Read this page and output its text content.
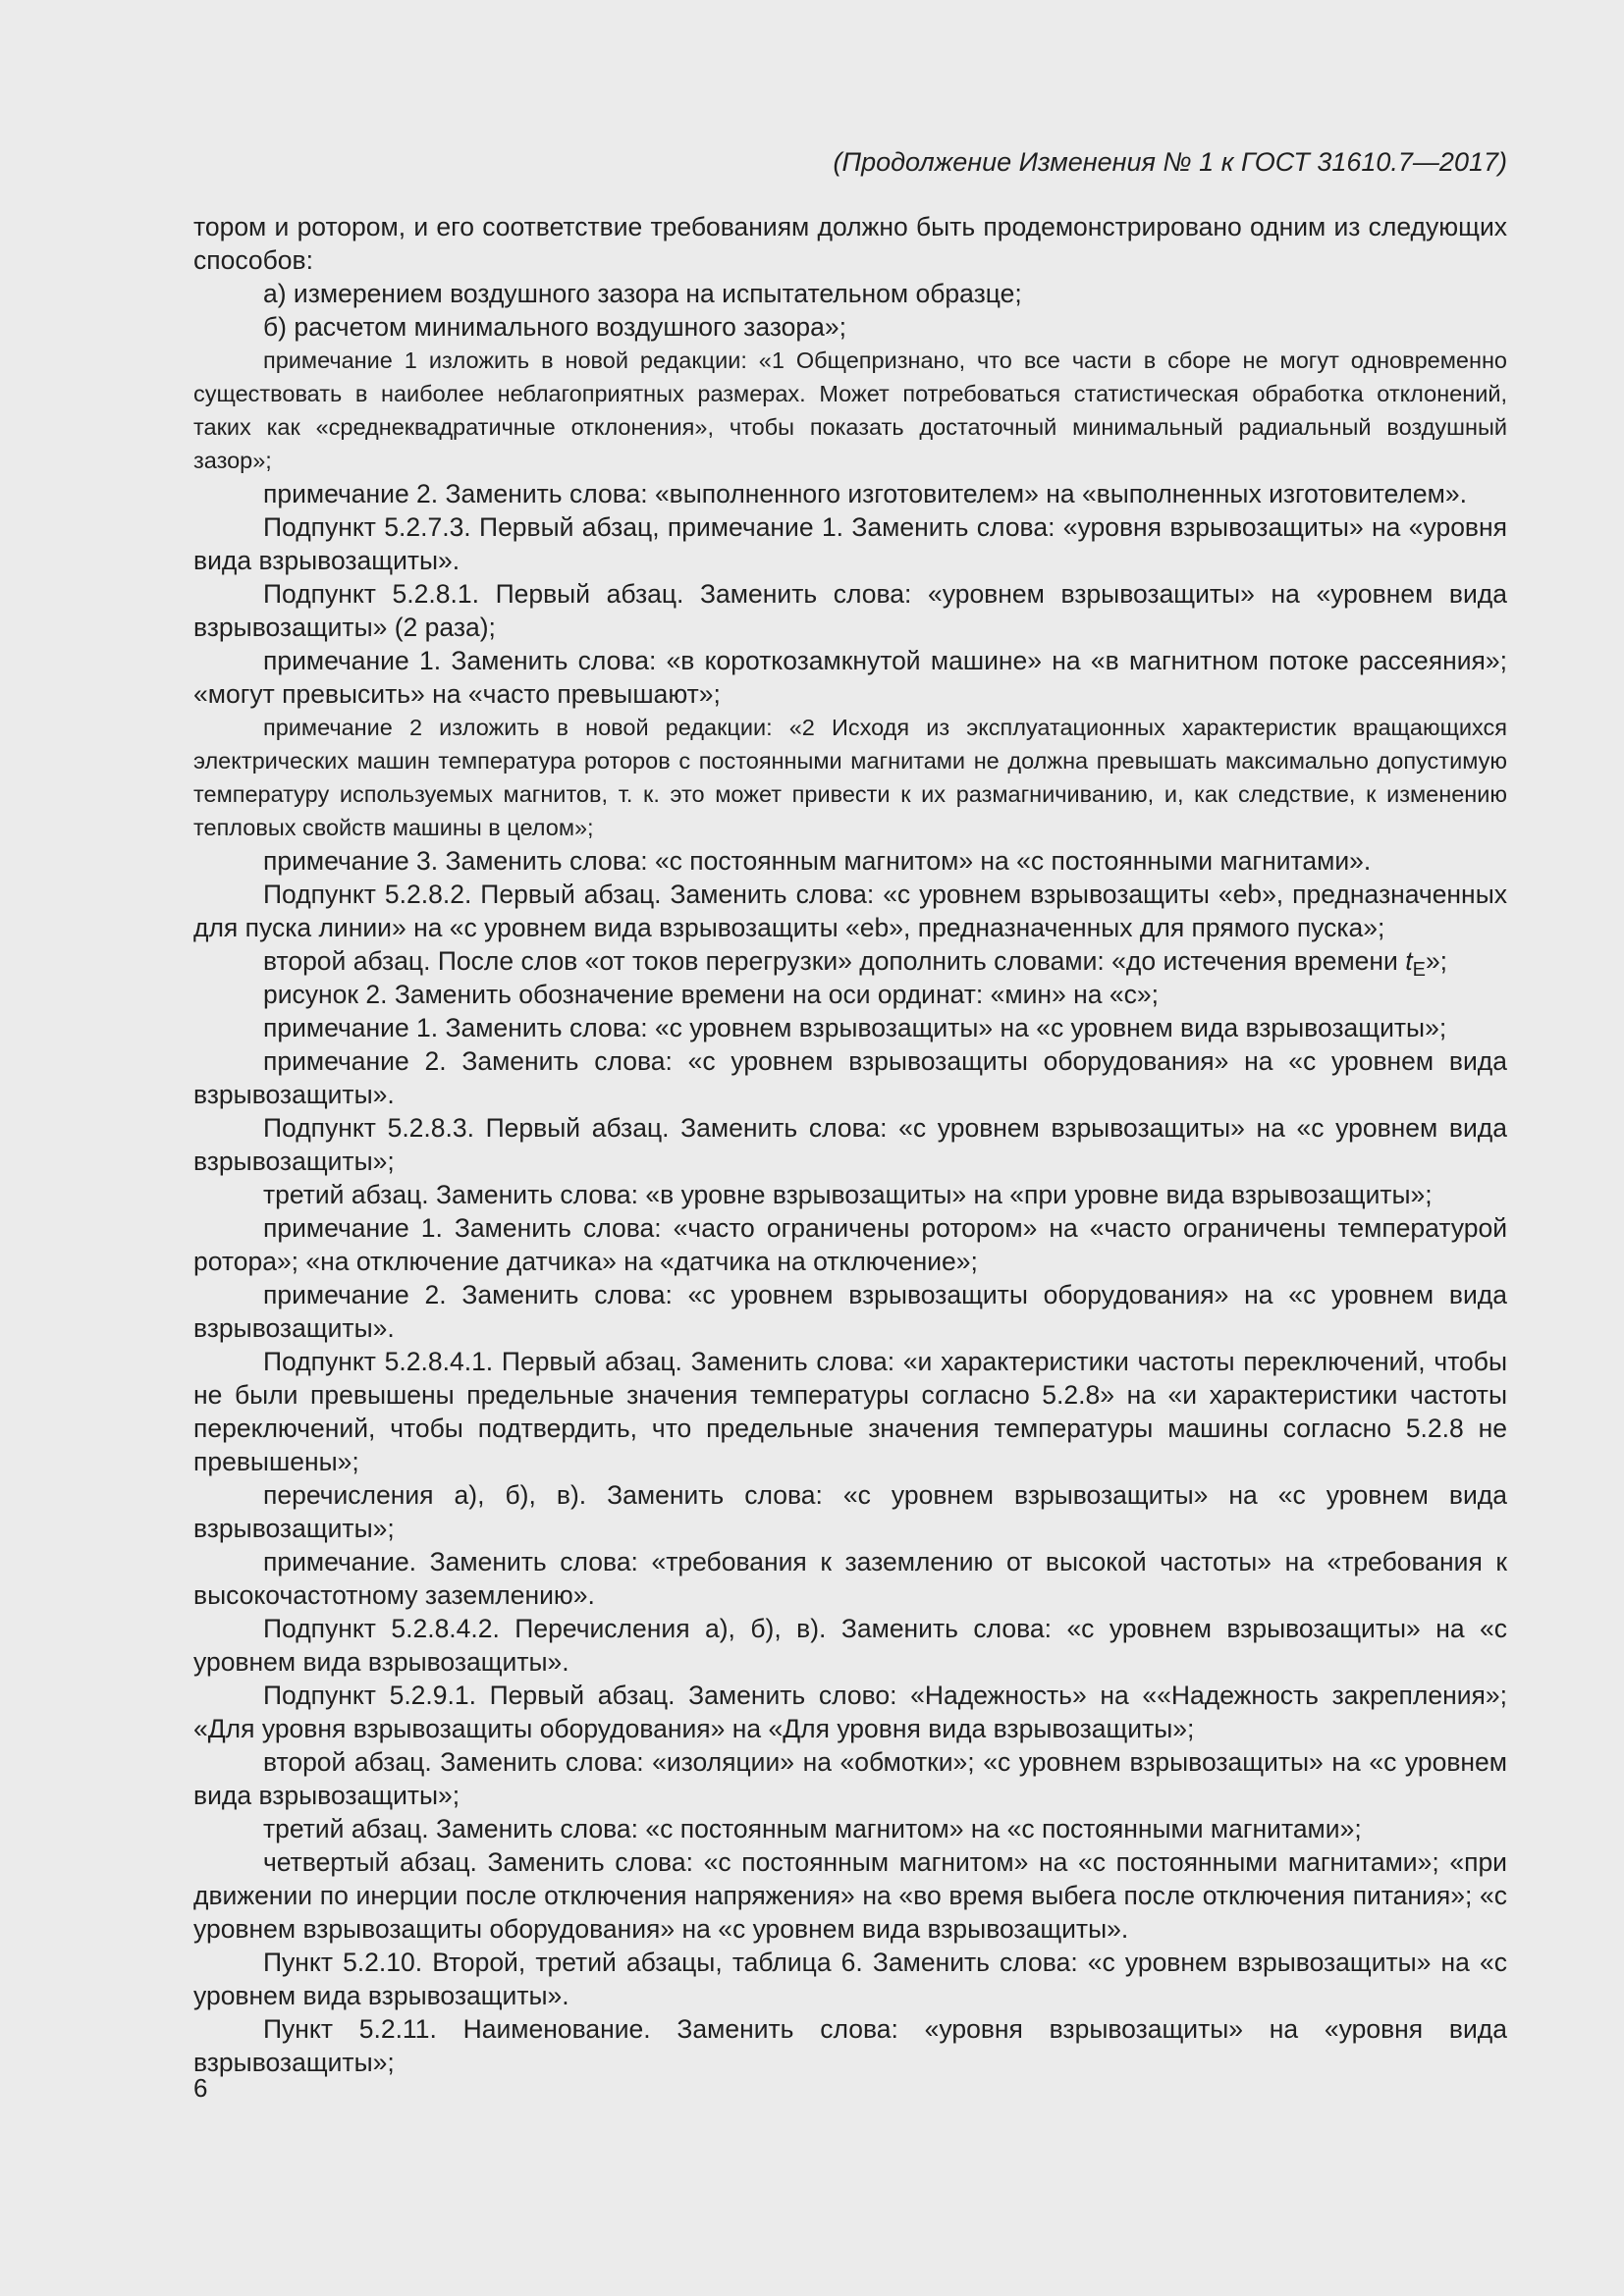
(Продолжение Изменения № 1 к ГОСТ 31610.7—2017)

тором и ротором, и его соответствие требованиям должно быть продемонстрировано одним из следующих способов:

а) измерением воздушного зазора на испытательном образце;

б) расчетом минимального воздушного зазора»;

примечание 1 изложить в новой редакции: «1 Общепризнано, что все части в сборе не могут одновременно существовать в наиболее неблагоприятных размерах. Может потребоваться статистическая обработка отклонений, таких как «среднеквадратичные отклонения», чтобы показать достаточный минимальный радиальный воздушный зазор»;

примечание 2. Заменить слова: «выполненного изготовителем» на «выполненных изготовителем».

Подпункт 5.2.7.3. Первый абзац, примечание 1. Заменить слова: «уровня взрывозащиты» на «уровня вида взрывозащиты».

Подпункт 5.2.8.1. Первый абзац. Заменить слова: «уровнем взрывозащиты» на «уровнем вида взрывозащиты» (2 раза);

примечание 1. Заменить слова: «в короткозамкнутой машине» на «в магнитном потоке рассеяния»; «могут превысить» на «часто превышают»;

примечание 2 изложить в новой редакции: «2 Исходя из эксплуатационных характеристик вращающихся электрических машин температура роторов с постоянными магнитами не должна превышать максимально допустимую температуру используемых магнитов, т. к. это может привести к их размагничиванию, и, как следствие, к изменению тепловых свойств машины в целом»;

примечание 3. Заменить слова: «с постоянным магнитом» на «с постоянными магнитами».

Подпункт 5.2.8.2. Первый абзац. Заменить слова: «с уровнем взрывозащиты «eb», предназначенных для пуска линии» на «с уровнем вида взрывозащиты «eb», предназначенных для прямого пуска»;

второй абзац. После слов «от токов перегрузки» дополнить словами: «до истечения времени $t_E$»;

рисунок 2. Заменить обозначение времени на оси ординат: «мин» на «с»;

примечание 1. Заменить слова: «с уровнем взрывозащиты» на «с уровнем вида взрывозащиты»;

примечание 2. Заменить слова: «с уровнем взрывозащиты оборудования» на «с уровнем вида взрывозащиты».

Подпункт 5.2.8.3. Первый абзац. Заменить слова: «с уровнем взрывозащиты» на «с уровнем вида взрывозащиты»;

третий абзац. Заменить слова: «в уровне взрывозащиты» на «при уровне вида взрывозащиты»;

примечание 1. Заменить слова: «часто ограничены ротором» на «часто ограничены температурой ротора»; «на отключение датчика» на «датчика на отключение»;

примечание 2. Заменить слова: «с уровнем взрывозащиты оборудования» на «с уровнем вида взрывозащиты».

Подпункт 5.2.8.4.1. Первый абзац. Заменить слова: «и характеристики частоты переключений, чтобы не были превышены предельные значения температуры согласно 5.2.8» на «и характеристики частоты переключений, чтобы подтвердить, что предельные значения температуры машины согласно 5.2.8 не превышены»;

перечисления а), б), в). Заменить слова: «с уровнем взрывозащиты» на «с уровнем вида взрывозащиты»;

примечание. Заменить слова: «требования к заземлению от высокой частоты» на «требования к высокочастотному заземлению».

Подпункт 5.2.8.4.2. Перечисления а), б), в). Заменить слова: «с уровнем взрывозащиты» на «с уровнем вида взрывозащиты».

Подпункт 5.2.9.1. Первый абзац. Заменить слово: «Надежность» на ««Надежность закрепления»; «Для уровня взрывозащиты оборудования» на «Для уровня вида взрывозащиты»;

второй абзац. Заменить слова: «изоляции» на «обмотки»; «с уровнем взрывозащиты» на «с уровнем вида взрывозащиты»;

третий абзац. Заменить слова: «с постоянным магнитом» на «с постоянными магнитами»;

четвертый абзац. Заменить слова: «с постоянным магнитом» на «с постоянными магнитами»; «при движении по инерции после отключения напряжения» на «во время выбега после отключения питания»; «с уровнем взрывозащиты оборудования» на «с уровнем вида взрывозащиты».

Пункт 5.2.10. Второй, третий абзацы, таблица 6. Заменить слова: «с уровнем взрывозащиты» на «с уровнем вида взрывозащиты».

Пункт 5.2.11. Наименование. Заменить слова: «уровня взрывозащиты» на «уровня вида взрывозащиты»;

6
